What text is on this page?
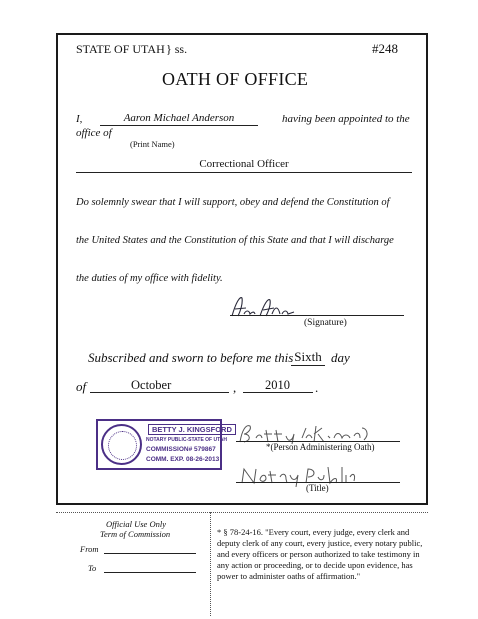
STATE OF UTAH } ss.	#248
OATH OF OFFICE
I,	Aaron Michael Anderson	having been appointed to the
office of
(Print Name)
Correctional Officer
Do solemnly swear that I will support, obey and defend the Constitution of
the United States and the Constitution of this State and that I will discharge
the duties of my office with fidelity.
(Signature)
Subscribed and sworn to before me this Sixth day
of	October	, 2010 .
BETTY J. KINGSFORD
NOTARY PUBLIC-STATE OF UTAH
COMMISSION# 579867
COMM. EXP. 08-26-2013
*(Person Administering Oath)
(Title)
Official Use Only
Term of Commission
From
To
* § 78-24-16. "Every court, every judge, every clerk and
deputy clerk of any court, every justice, every notary public,
and every officers or person authorized to take testimony in
any action or proceeding, or to decide upon evidence, has
power to administer oaths of affirmation."
